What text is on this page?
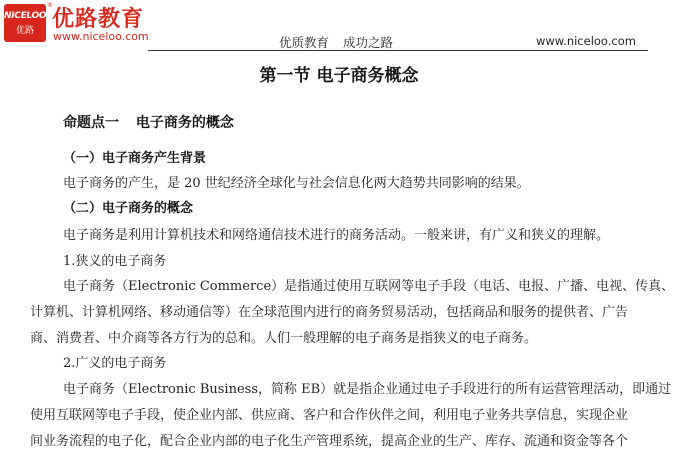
NICELOO
优路
®
优路教育
www.niceloo.com	优质教育 成功之路	www.niceloo.com
第一节 电子商务概念
命题点一 电子商务的概念
（一）电子商务产生背景
电子商务的产生，是 20 世纪经济全球化与社会信息化两大趋势共同影响的结果。
（二）电子商务的概念
电子商务是利用计算机技术和网络通信技术进行的商务活动。一般来讲，有广义和狭义的理解。
1.狭义的电子商务
电子商务（Electronic Commerce）是指通过使用互联网等电子手段（电话、电报、广播、电视、传真、
计算机、计算机网络、移动通信等）在全球范围内进行的商务贸易活动，包括商品和服务的提供者、广告
商、消费者、中介商等各方行为的总和。人们一般理解的电子商务是指狭义的电子商务。
2.广义的电子商务
电子商务（Electronic Business，简称 EB）就是指企业通过电子手段进行的所有运营管理活动，即通过
使用互联网等电子手段，使企业内部、供应商、客户和合作伙伴之间，利用电子业务共享信息，实现企业
间业务流程的电子化，配合企业内部的电子化生产管理系统，提高企业的生产、库存、流通和资金等各个
